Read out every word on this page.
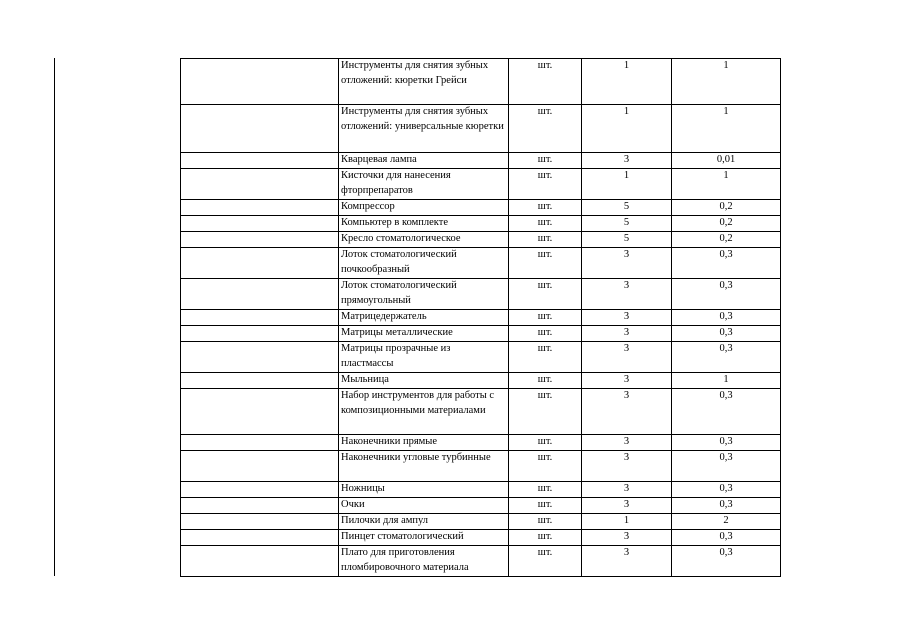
	Инструменты для снятия зубных отложений: кюретки Грейси	шт.	1	1
	Инструменты для снятия зубных отложений: универсальные кюретки	шт.	1	1
	Кварцевая лампа	шт.	3	0,01
	Кисточки для нанесения фторпрепаратов	шт.	1	1
	Компрессор	шт.	5	0,2
	Компьютер в комплекте	шт.	5	0,2
	Кресло стоматологическое	шт.	5	0,2
	Лоток стоматологический почкообразный	шт.	3	0,3
	Лоток стоматологический прямоугольный	шт.	3	0,3
	Матрицедержатель	шт.	3	0,3
	Матрицы металлические	шт.	3	0,3
	Матрицы прозрачные из пластмассы	шт.	3	0,3
	Мыльница	шт.	3	1
	Набор инструментов для работы с композиционными материалами	шт.	3	0,3
	Наконечники прямые	шт.	3	0,3
	Наконечники угловые турбинные	шт.	3	0,3
	Ножницы	шт.	3	0,3
	Очки	шт.	3	0,3
	Пилочки для ампул	шт.	1	2
	Пинцет стоматологический	шт.	3	0,3
	Плато для приготовления пломбировочного материала	шт.	3	0,3
